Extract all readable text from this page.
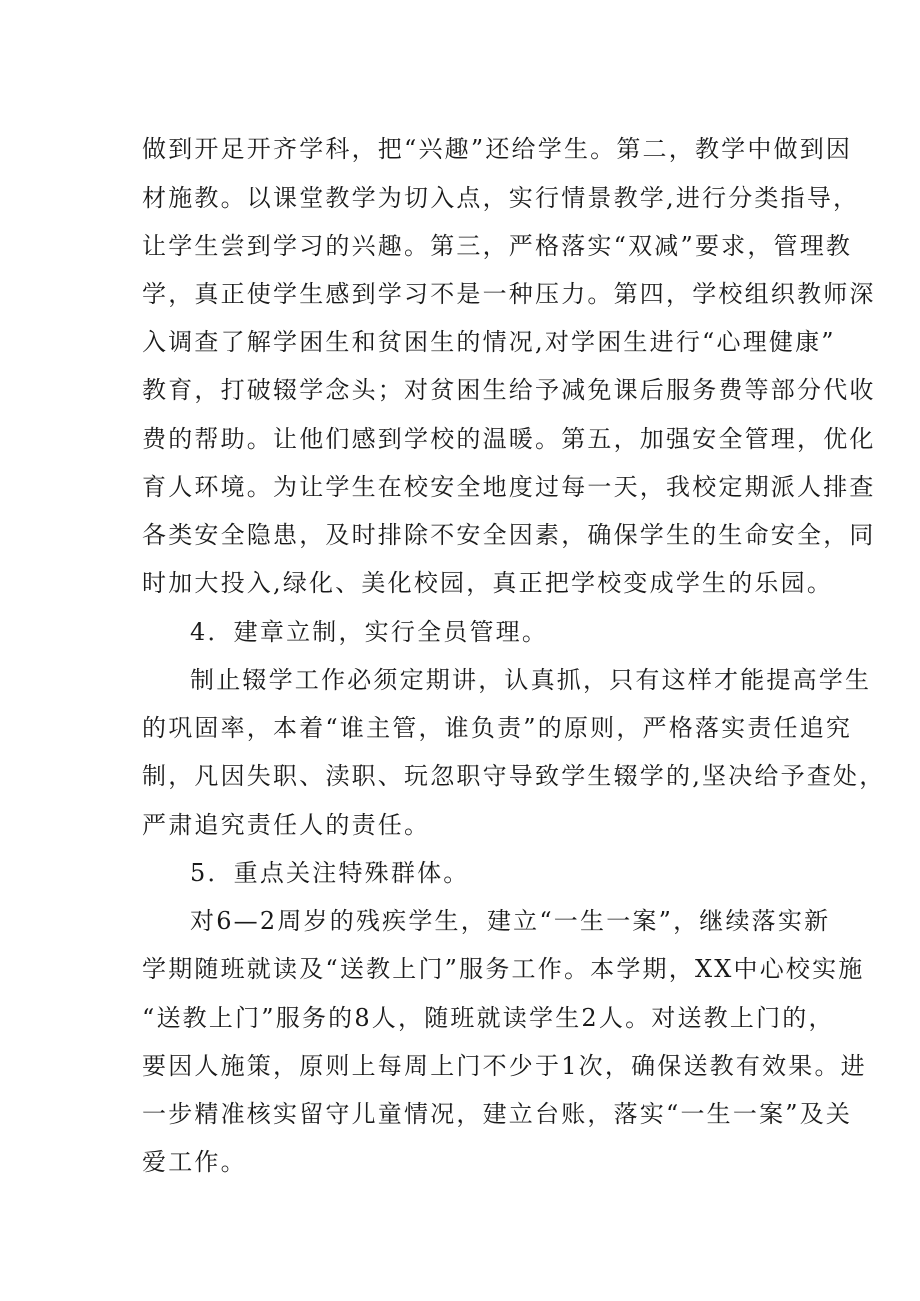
做到开足开齐学科，把“兴趣”还给学生。第二，教学中做到因
材施教。以课堂教学为切入点，实行情景教学,进行分类指导，
让学生尝到学习的兴趣。第三，严格落实“双减”要求，管理教
学，真正使学生感到学习不是一种压力。第四，学校组织教师深
入调查了解学困生和贫困生的情况,对学困生进行“心理健康”
教育，打破辍学念头；对贫困生给予减免课后服务费等部分代收
费的帮助。让他们感到学校的温暖。第五，加强安全管理，优化
育人环境。为让学生在校安全地度过每一天，我校定期派人排查
各类安全隐患，及时排除不安全因素，确保学生的生命安全，同
时加大投入,绿化、美化校园，真正把学校变成学生的乐园。
4．建章立制，实行全员管理。
制止辍学工作必须定期讲，认真抓，只有这样才能提高学生
的巩固率，本着“谁主管，谁负责”的原则，严格落实责任追究
制，凡因失职、渎职、玩忽职守导致学生辍学的,坚决给予查处，
严肃追究责任人的责任。
5．重点关注特殊群体。
对6—2周岁的残疾学生，建立“一生一案”，继续落实新
学期随班就读及“送教上门”服务工作。本学期，XX中心校实施
“送教上门”服务的8人，随班就读学生2人。对送教上门的，
要因人施策，原则上每周上门不少于1次，确保送教有效果。进
一步精准核实留守儿童情况，建立台账，落实“一生一案”及关
爱工作。
